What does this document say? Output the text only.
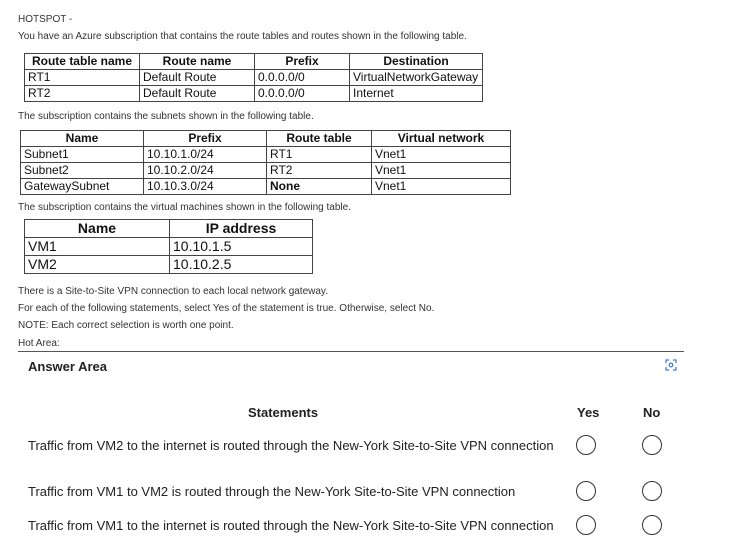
HOTSPOT -
You have an Azure subscription that contains the route tables and routes shown in the following table.
Route table name	Route name	Prefix	Destination
RT1	Default Route	0.0.0.0/0	VirtualNetworkGateway
RT2	Default Route	0.0.0.0/0	Internet
The subscription contains the subnets shown in the following table.
Name	Prefix	Route table	Virtual network
Subnet1	10.10.1.0/24	RT1	Vnet1
Subnet2	10.10.2.0/24	RT2	Vnet1
GatewaySubnet	10.10.3.0/24	None	Vnet1
The subscription contains the virtual machines shown in the following table.
Name	IP address
VM1	10.10.1.5
VM2	10.10.2.5
There is a Site-to-Site VPN connection to each local network gateway.
For each of the following statements, select Yes of the statement is true. Otherwise, select No.
NOTE: Each correct selection is worth one point.
Hot Area:
Answer Area
Statements	Yes	No
Traffic from VM2 to the internet is routed through the New-York Site-to-Site VPN connection
Traffic from VM1 to VM2 is routed through the New-York Site-to-Site VPN connection
Traffic from VM1 to the internet is routed through the New-York Site-to-Site VPN connection
